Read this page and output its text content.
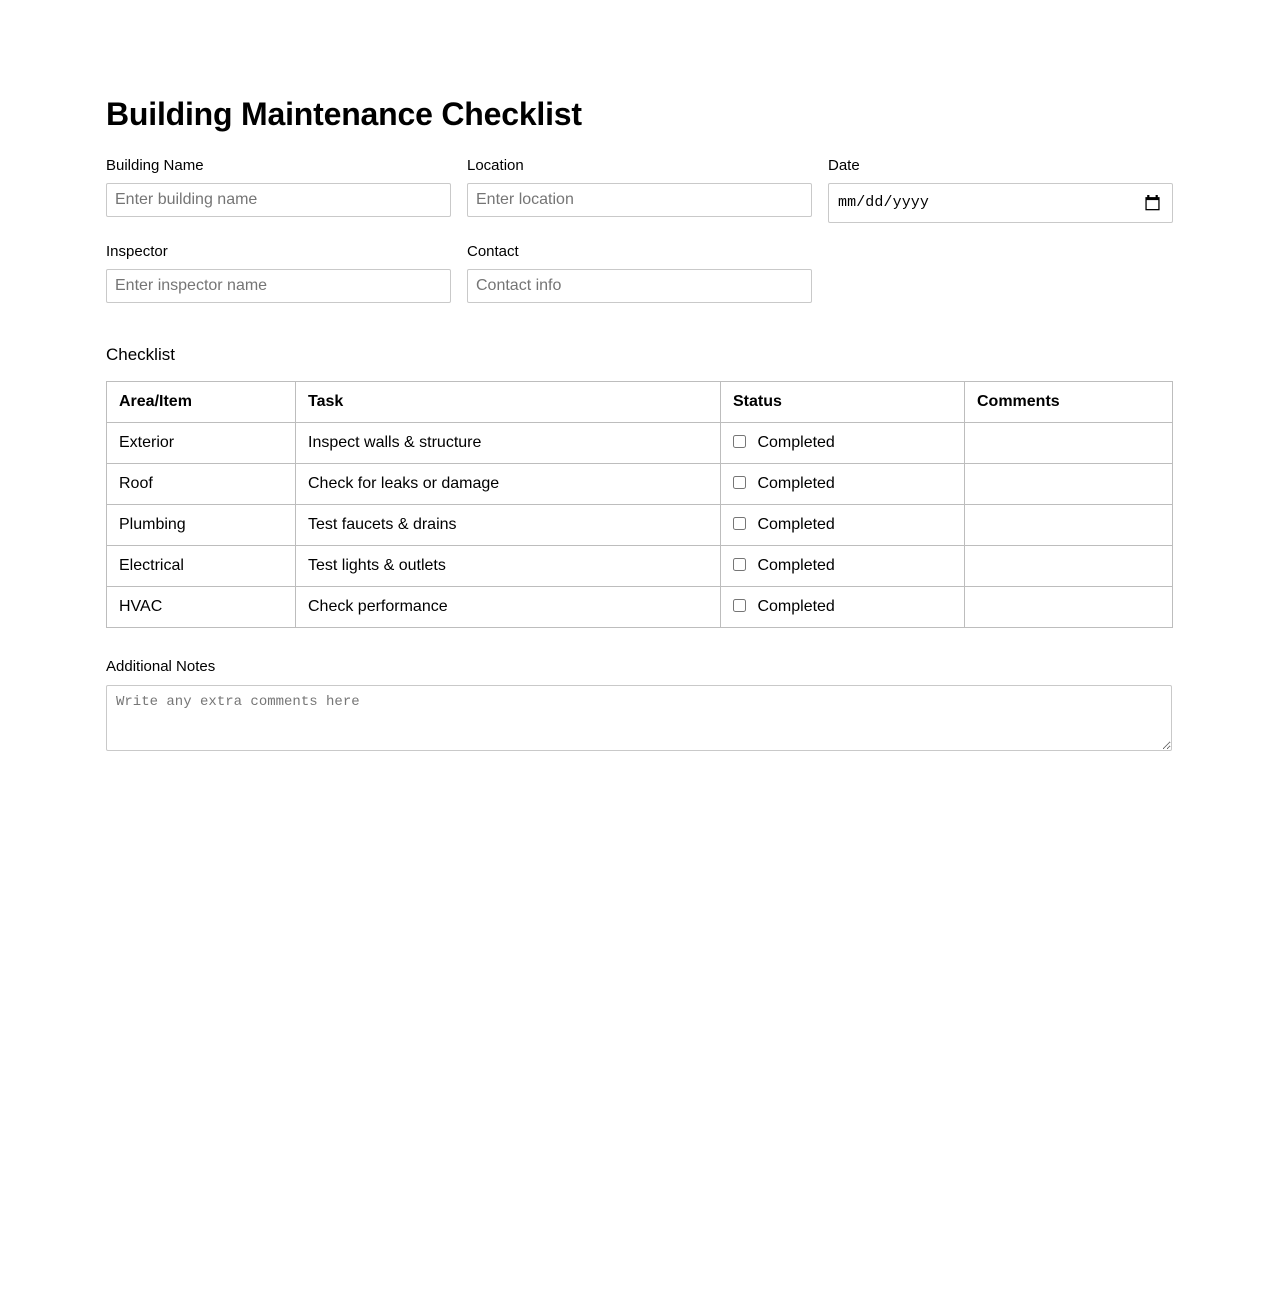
Building Maintenance Checklist
Building Name
Enter building name	Location
Enter location	Date
mm/dd/yyyy
Inspector
Enter inspector name	Contact
Contact info
Checklist
Area/Item	Task	Status	Comments
Exterior	Inspect walls & structure	Completed	
Roof	Check for leaks or damage	Completed	
Plumbing	Test faucets & drains	Completed	
Electrical	Test lights & outlets	Completed	
HVAC	Check performance	Completed	
Additional Notes
Write any extra comments here
